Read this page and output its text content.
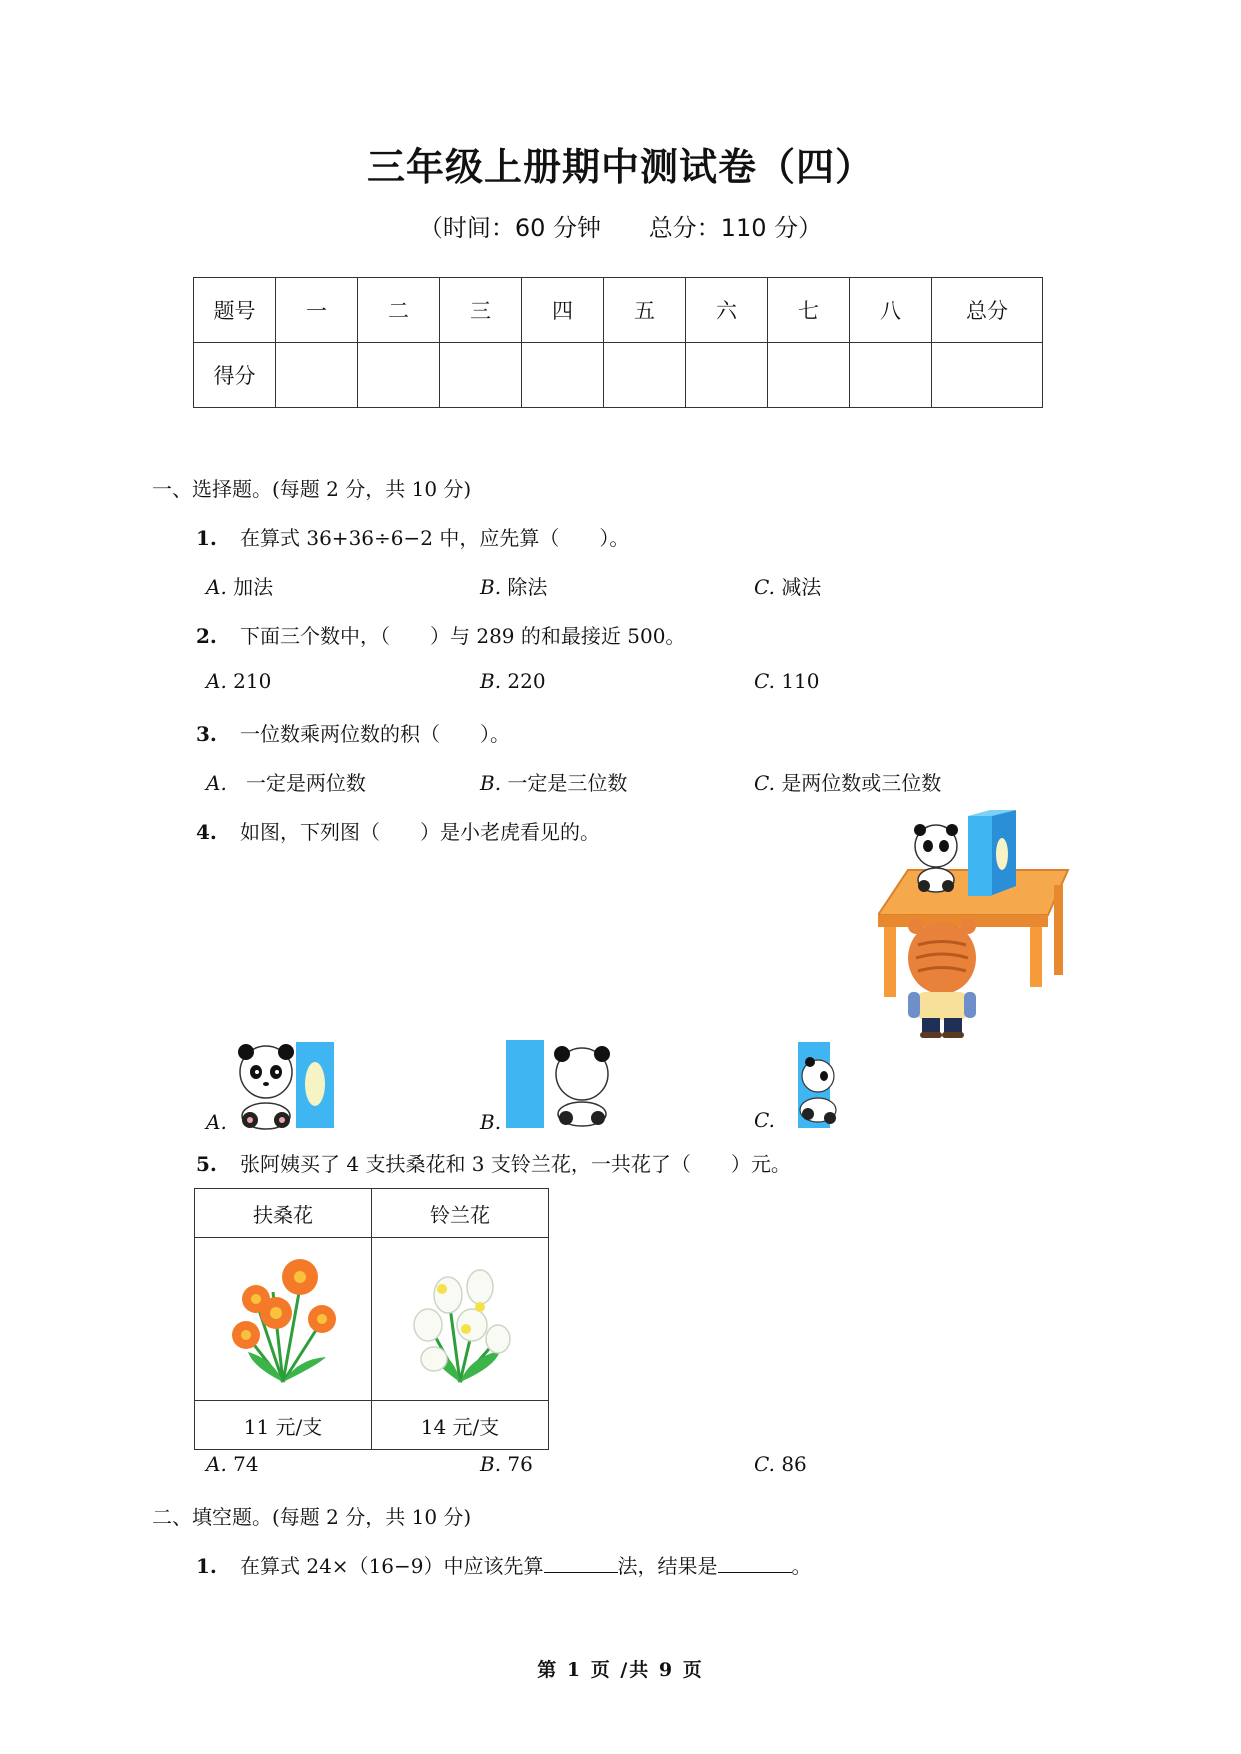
三年级上册期中测试卷（四）
（时间：60 分钟 总分：110 分）
题号	一	二	三	四	五	六	七	八	总分
得分									
一、选择题。(每题 2 分，共 10 分)
1. 在算式 36+36÷6−2 中，应先算（　　）。
A. 加法	B. 除法	C. 减法
2. 下面三个数中，（　　）与 289 的和最接近 500。
A. 210	B. 220	C. 110
3. 一位数乘两位数的积（　　）。
A. 一定是两位数	B. 一定是三位数	C. 是两位数或三位数
4. 如图，下列图（　　）是小老虎看见的。
A.	B.	C.
5. 张阿姨买了 4 支扶桑花和 3 支铃兰花，一共花了（　　）元。
扶桑花	铃兰花

11 元/支	14 元/支
A. 74	B. 76	C. 86
二、填空题。(每题 2 分，共 10 分)
1. 在算式 24×（16−9）中应该先算	法，结果是	。
第 1 页 /共 9 页
